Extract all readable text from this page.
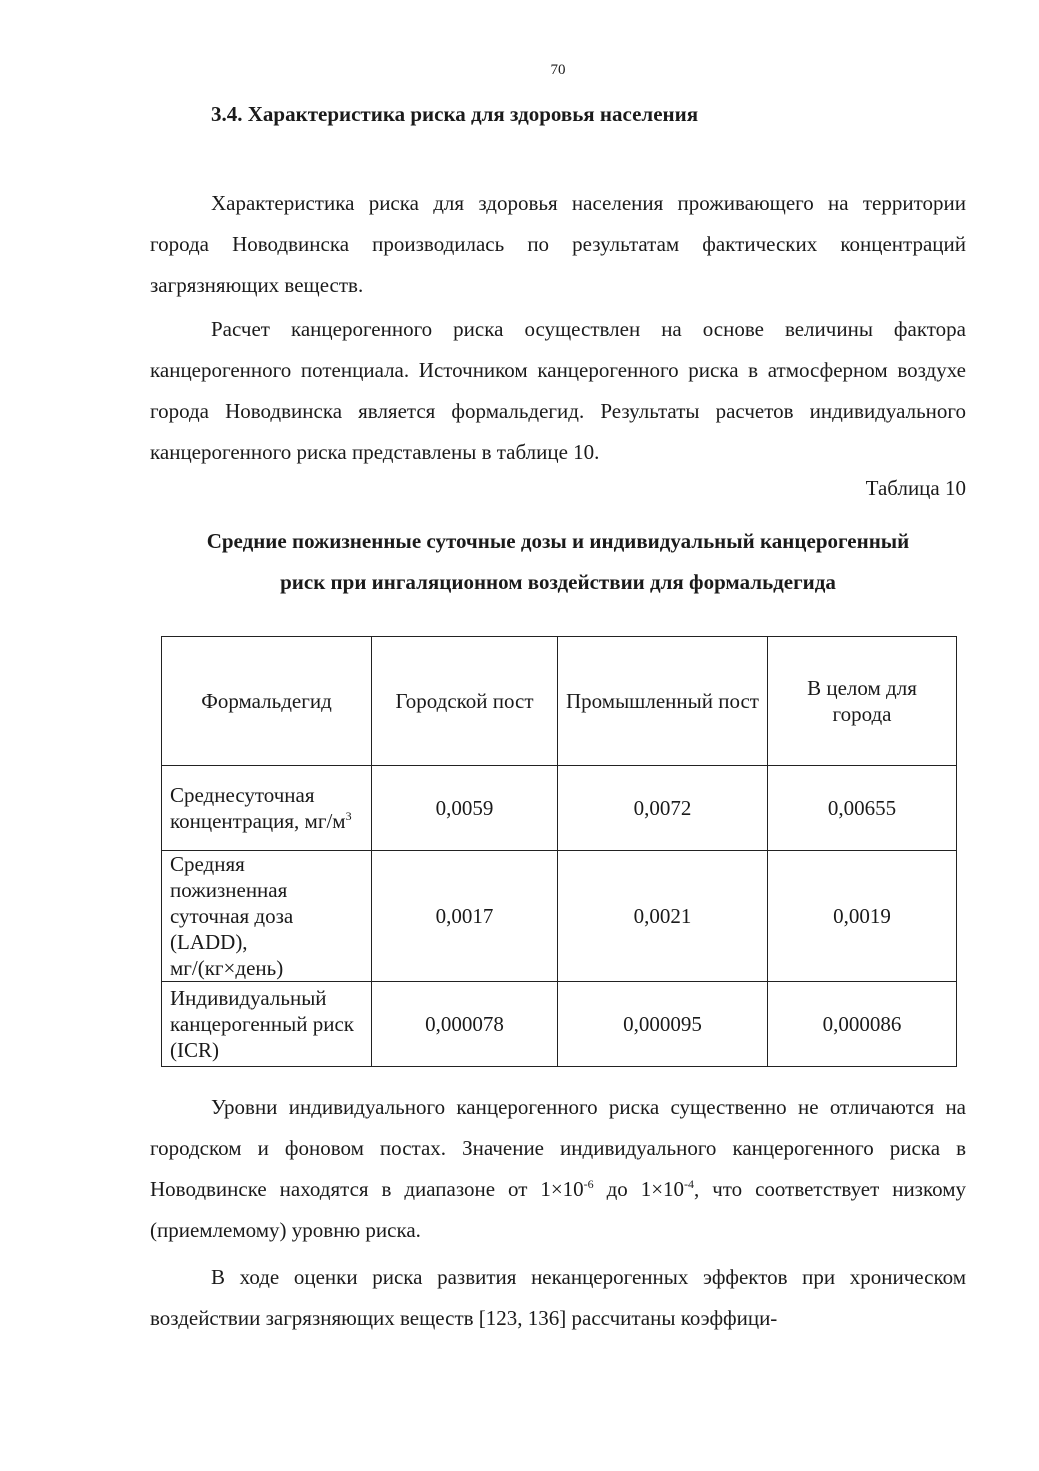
70
3.4. Характеристика риска для здоровья населения

Характеристика риска для здоровья населения проживающего на территории города Новодвинска производилась по результатам фактических концентраций загрязняющих веществ.

Расчет канцерогенного риска осуществлен на основе величины фактора канцерогенного потенциала. Источником канцерогенного риска в атмосферном воздухе города Новодвинска является формальдегид. Результаты расчетов индивидуального канцерогенного риска представлены в таблице 10.

Таблица 10
Средние пожизненные суточные дозы и индивидуальный канцерогенный
риск при ингаляционном воздействии для формальдегида
Формальдегид	Городской пост	Промышленный пост	В целом для города
Среднесуточная концентрация, $мг/м^3$	0,0059	0,0072	0,00655
Средняя пожизненная суточная доза (LADD), мг/(кг×день)	0,0017	0,0021	0,0019
Индивидуальный канцерогенный риск (ICR)	0,000078	0,000095	0,000086

Уровни индивидуального канцерогенного риска существенно не отличаются на городском и фоновом постах. Значение индивидуального канцерогенного риска в Новодвинске находятся в диапазоне от $1\times 10^{-6}$ до $1\times 10^{-4}$, что соответствует низкому (приемлемому) уровню риска.

В ходе оценки риска развития неканцерогенных эффектов при хроническом воздействии загрязняющих веществ [123, 136] рассчитаны коэффици-
